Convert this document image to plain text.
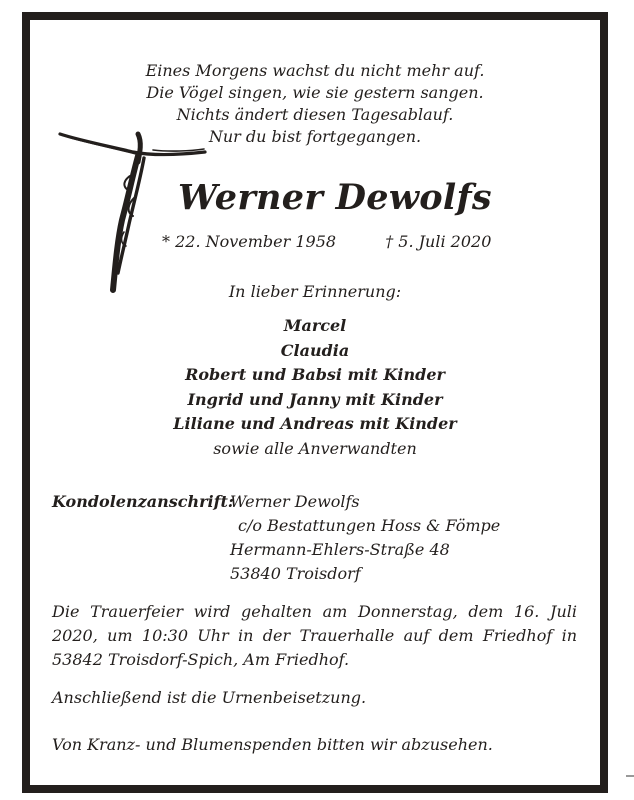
Eines Morgens wachst du nicht mehr auf.
Die Vögel singen, wie sie gestern sangen.
Nichts ändert diesen Tagesablauf.
Nur du bist fortgegangen.
Werner Dewolfs
* 22. November 1958	† 5. Juli 2020
In lieber Erinnerung:
Marcel
Claudia
Robert und Babsi mit Kinder
Ingrid und Janny mit Kinder
Liliane und Andreas mit Kinder
sowie alle Anverwandten
Kondolenzanschrift:
Werner Dewolfs
c/o Bestattungen Hoss & Fömpe
Hermann-Ehlers-Straße 48
53840 Troisdorf
Die Trauerfeier wird gehalten am Donnerstag, dem 16. Juli 2020, um 10:30 Uhr in der Trauerhalle auf dem Friedhof in 53842 Troisdorf-Spich, Am Friedhof.
Anschließend ist die Urnenbeisetzung.
Von Kranz- und Blumenspenden bitten wir abzusehen.
